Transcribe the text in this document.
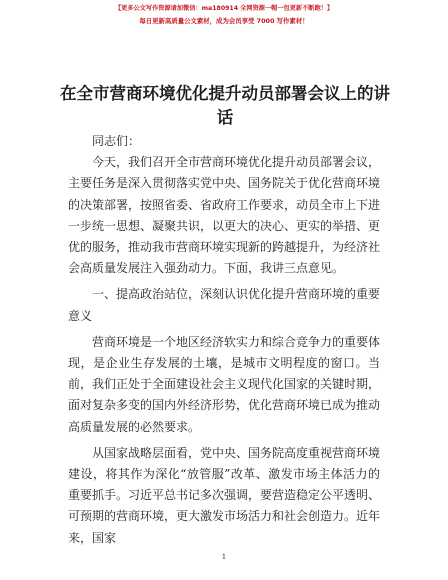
【更多公文写作资源请加微信：ma180914 全网资源一帽一包更新不断跑！】
每日更新高质量公文素材，成为会员享受 7000 写作素材！
在全市营商环境优化提升动员部署会议上的讲话

同志们：

今天，我们召开全市营商环境优化提升动员部署会议，主要任务是深入贯彻落实党中央、国务院关于优化营商环境的决策部署，按照省委、省政府工作要求，动员全市上下进一步统一思想、凝聚共识，以更大的决心、更实的举措、更优的服务，推动我市营商环境实现新的跨越提升，为经济社会高质量发展注入强劲动力。下面，我讲三点意见。

一、提高政治站位，深刻认识优化提升营商环境的重要意义

营商环境是一个地区经济软实力和综合竞争力的重要体现，是企业生存发展的土壤，是城市文明程度的窗口。当前，我们正处于全面建设社会主义现代化国家的关键时期，面对复杂多变的国内外经济形势，优化营商环境已成为推动高质量发展的必然要求。

从国家战略层面看，党中央、国务院高度重视营商环境建设，将其作为深化“放管服”改革、激发市场主体活力的重要抓手。习近平总书记多次强调，要营造稳定公平透明、可预期的营商环境，更大激发市场活力和社会创造力。近年来，国家

1
